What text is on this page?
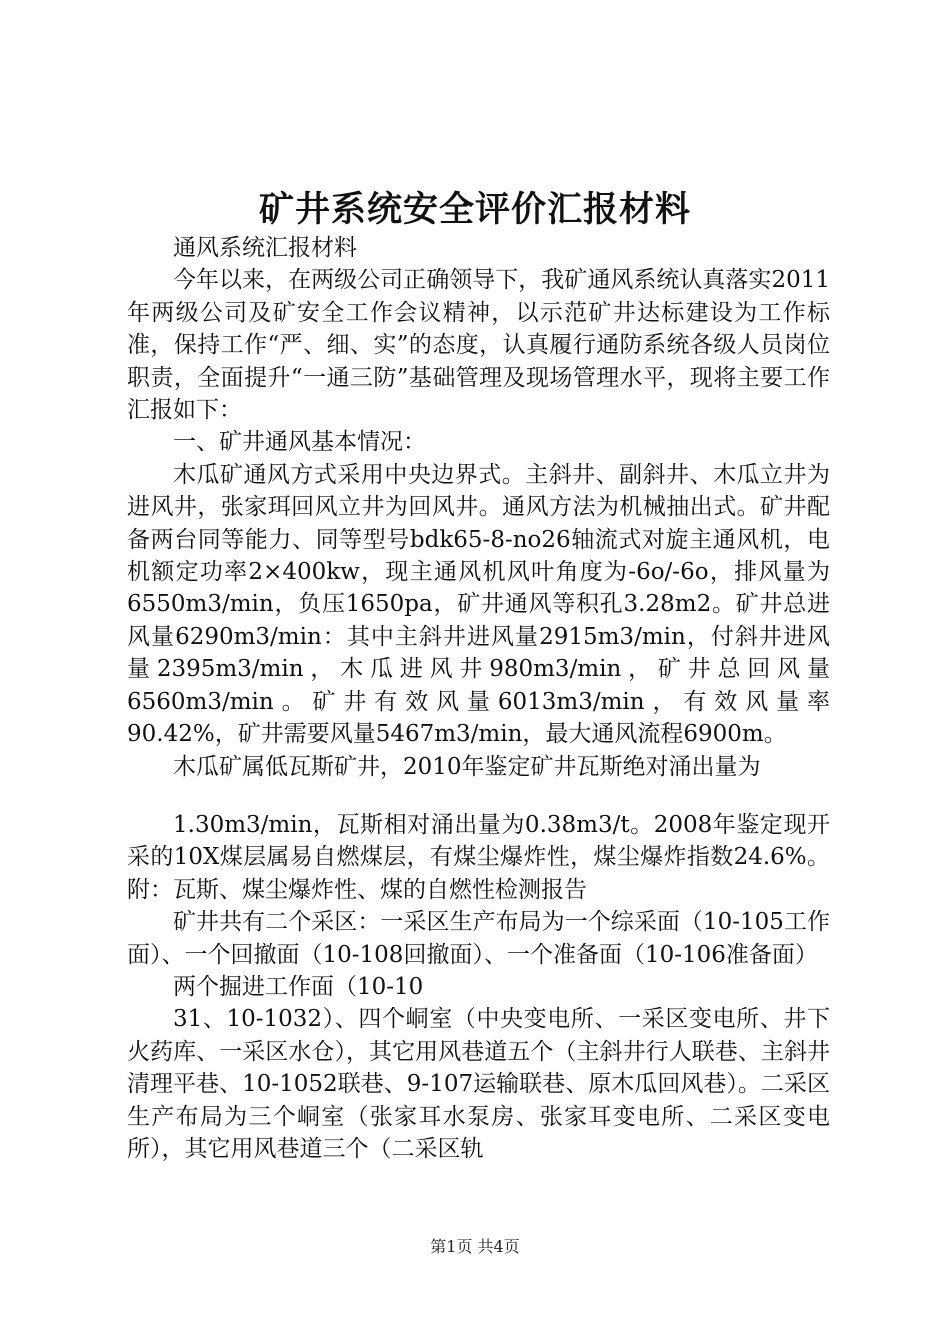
矿井系统安全评价汇报材料

通风系统汇报材料

今年以来，在两级公司正确领导下，我矿通风系统认真落实2011年两级公司及矿安全工作会议精神，以示范矿井达标建设为工作标准，保持工作“严、细、实”的态度，认真履行通防系统各级人员岗位职责，全面提升“一通三防”基础管理及现场管理水平，现将主要工作汇报如下：

一、矿井通风基本情况：

木瓜矿通风方式采用中央边界式。主斜井、副斜井、木瓜立井为进风井，张家珥回风立井为回风井。通风方法为机械抽出式。矿井配备两台同等能力、同等型号bdk65-8-no26轴流式对旋主通风机，电机额定功率2×400kw，现主通风机风叶角度为-6ο/-6ο，排风量为6550m3/min，负压1650pa，矿井通风等积孔3.28m2。矿井总进风量6290m3/min：其中主斜井进风量2915m3/min，付斜井进风量2395m3/min，木瓜进风井980m3/min，矿井总回风量6560m3/min。矿井有效风量6013m3/min，有效风量率90.42%，矿井需要风量5467m3/min，最大通风流程6900m。

木瓜矿属低瓦斯矿井，2010年鉴定矿井瓦斯绝对涌出量为

1.30m3/min，瓦斯相对涌出量为0.38m3/t。2008年鉴定现开采的10X煤层属易自燃煤层，有煤尘爆炸性，煤尘爆炸指数24.6%。附：瓦斯、煤尘爆炸性、煤的自燃性检测报告

矿井共有二个采区：一采区生产布局为一个综采面（10-105工作面）、一个回撤面（10-108回撤面）、一个准备面（10-106准备面）

两个掘进工作面（10-10

31、10-1032）、四个峒室（中央变电所、一采区变电所、井下火药库、一采区水仓），其它用风巷道五个（主斜井行人联巷、主斜井清理平巷、10-1052联巷、9-107运输联巷、原木瓜回风巷）。二采区生产布局为三个峒室（张家耳水泵房、张家耳变电所、二采区变电所），其它用风巷道三个（二采区轨

第1页 共4页
